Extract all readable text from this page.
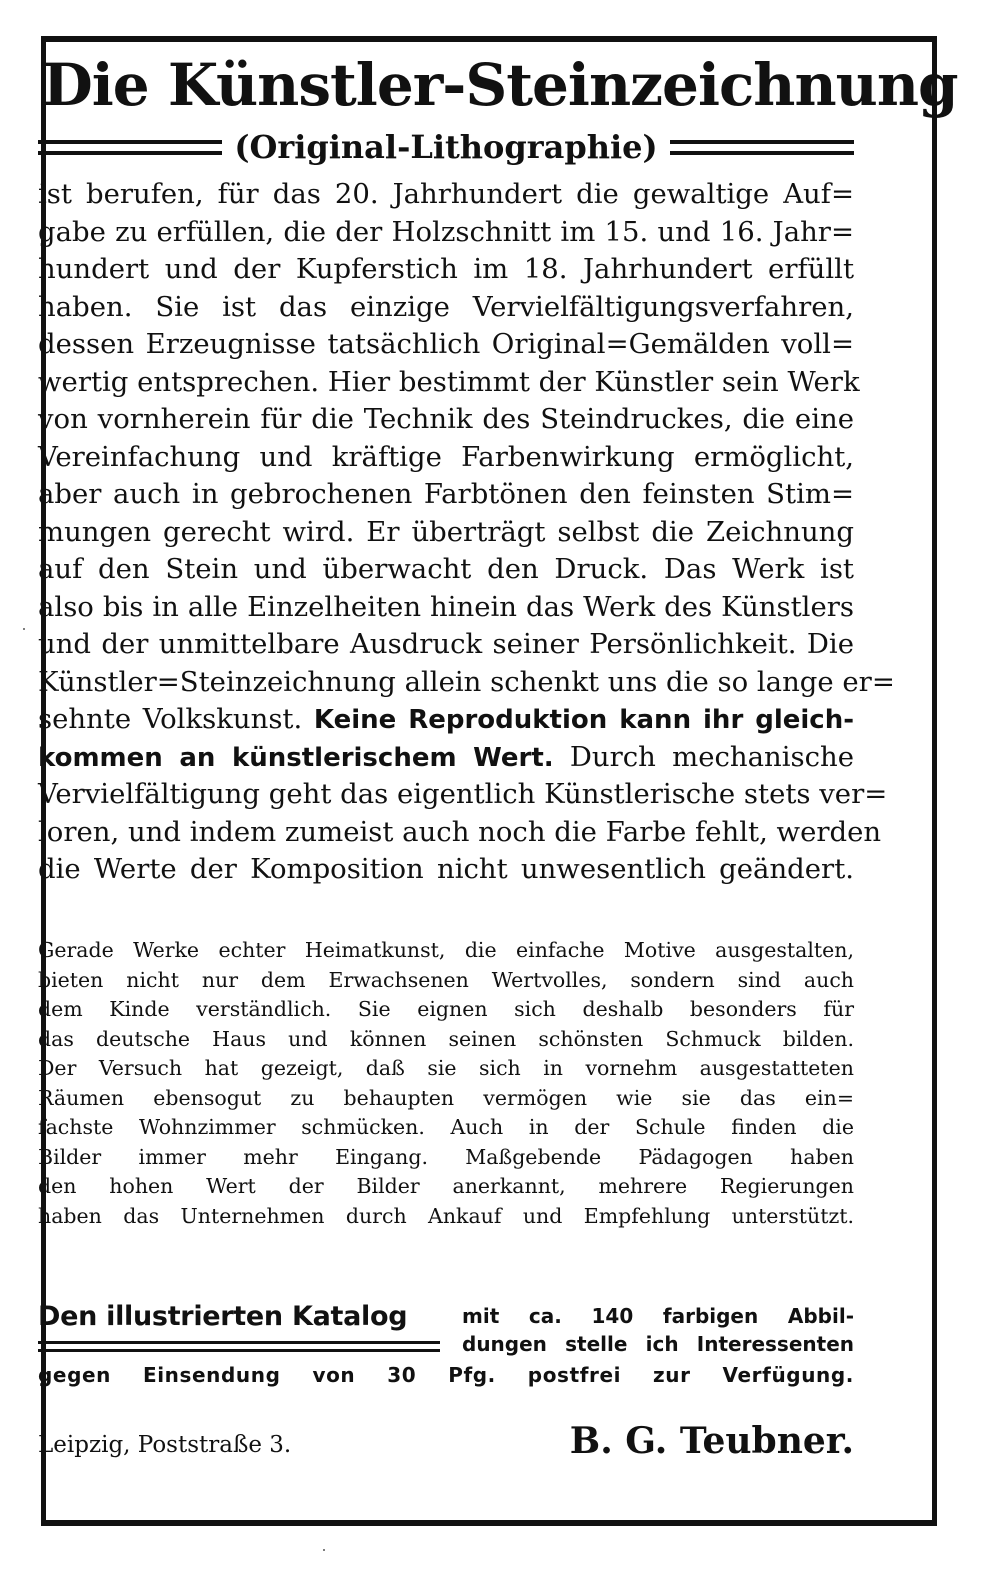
Die Künstler-Steinzeichnung
(Original-Lithographie)
ist berufen, für das 20. Jahrhundert die gewaltige Auf=
gabe zu erfüllen, die der Holzschnitt im 15. und 16. Jahr=
hundert und der Kupferstich im 18. Jahrhundert erfüllt
haben. Sie ist das einzige Vervielfältigungsverfahren,
dessen Erzeugnisse tatsächlich Original=Gemälden voll=
wertig entsprechen. Hier bestimmt der Künstler sein Werk
von vornherein für die Technik des Steindruckes, die eine
Vereinfachung und kräftige Farbenwirkung ermöglicht,
aber auch in gebrochenen Farbtönen den feinsten Stim=
mungen gerecht wird. Er überträgt selbst die Zeichnung
auf den Stein und überwacht den Druck. Das Werk ist
also bis in alle Einzelheiten hinein das Werk des Künstlers
und der unmittelbare Ausdruck seiner Persönlichkeit. Die
Künstler=Steinzeichnung allein schenkt uns die so lange er=
sehnte Volkskunst. Keine Reproduktion kann ihr gleich-
kommen an künstlerischem Wert. Durch mechanische
Vervielfältigung geht das eigentlich Künstlerische stets ver=
loren, und indem zumeist auch noch die Farbe fehlt, werden
die Werte der Komposition nicht unwesentlich geändert.
Gerade Werke echter Heimatkunst, die einfache Motive ausgestalten,
bieten nicht nur dem Erwachsenen Wertvolles, sondern sind auch
dem Kinde verständlich. Sie eignen sich deshalb besonders für
das deutsche Haus und können seinen schönsten Schmuck bilden.
Der Versuch hat gezeigt, daß sie sich in vornehm ausgestatteten
Räumen ebensogut zu behaupten vermögen wie sie das ein=
fachste Wohnzimmer schmücken. Auch in der Schule finden die
Bilder immer mehr Eingang. Maßgebende Pädagogen haben
den hohen Wert der Bilder anerkannt, mehrere Regierungen
haben das Unternehmen durch Ankauf und Empfehlung unterstützt.
Den illustrierten Katalog	mit ca. 140 farbigen Abbil-
dungen stelle ich Interessenten
gegen Einsendung von 30 Pfg. postfrei zur Verfügung.
Leipzig, Poststraße 3.	B. G. Teubner.
